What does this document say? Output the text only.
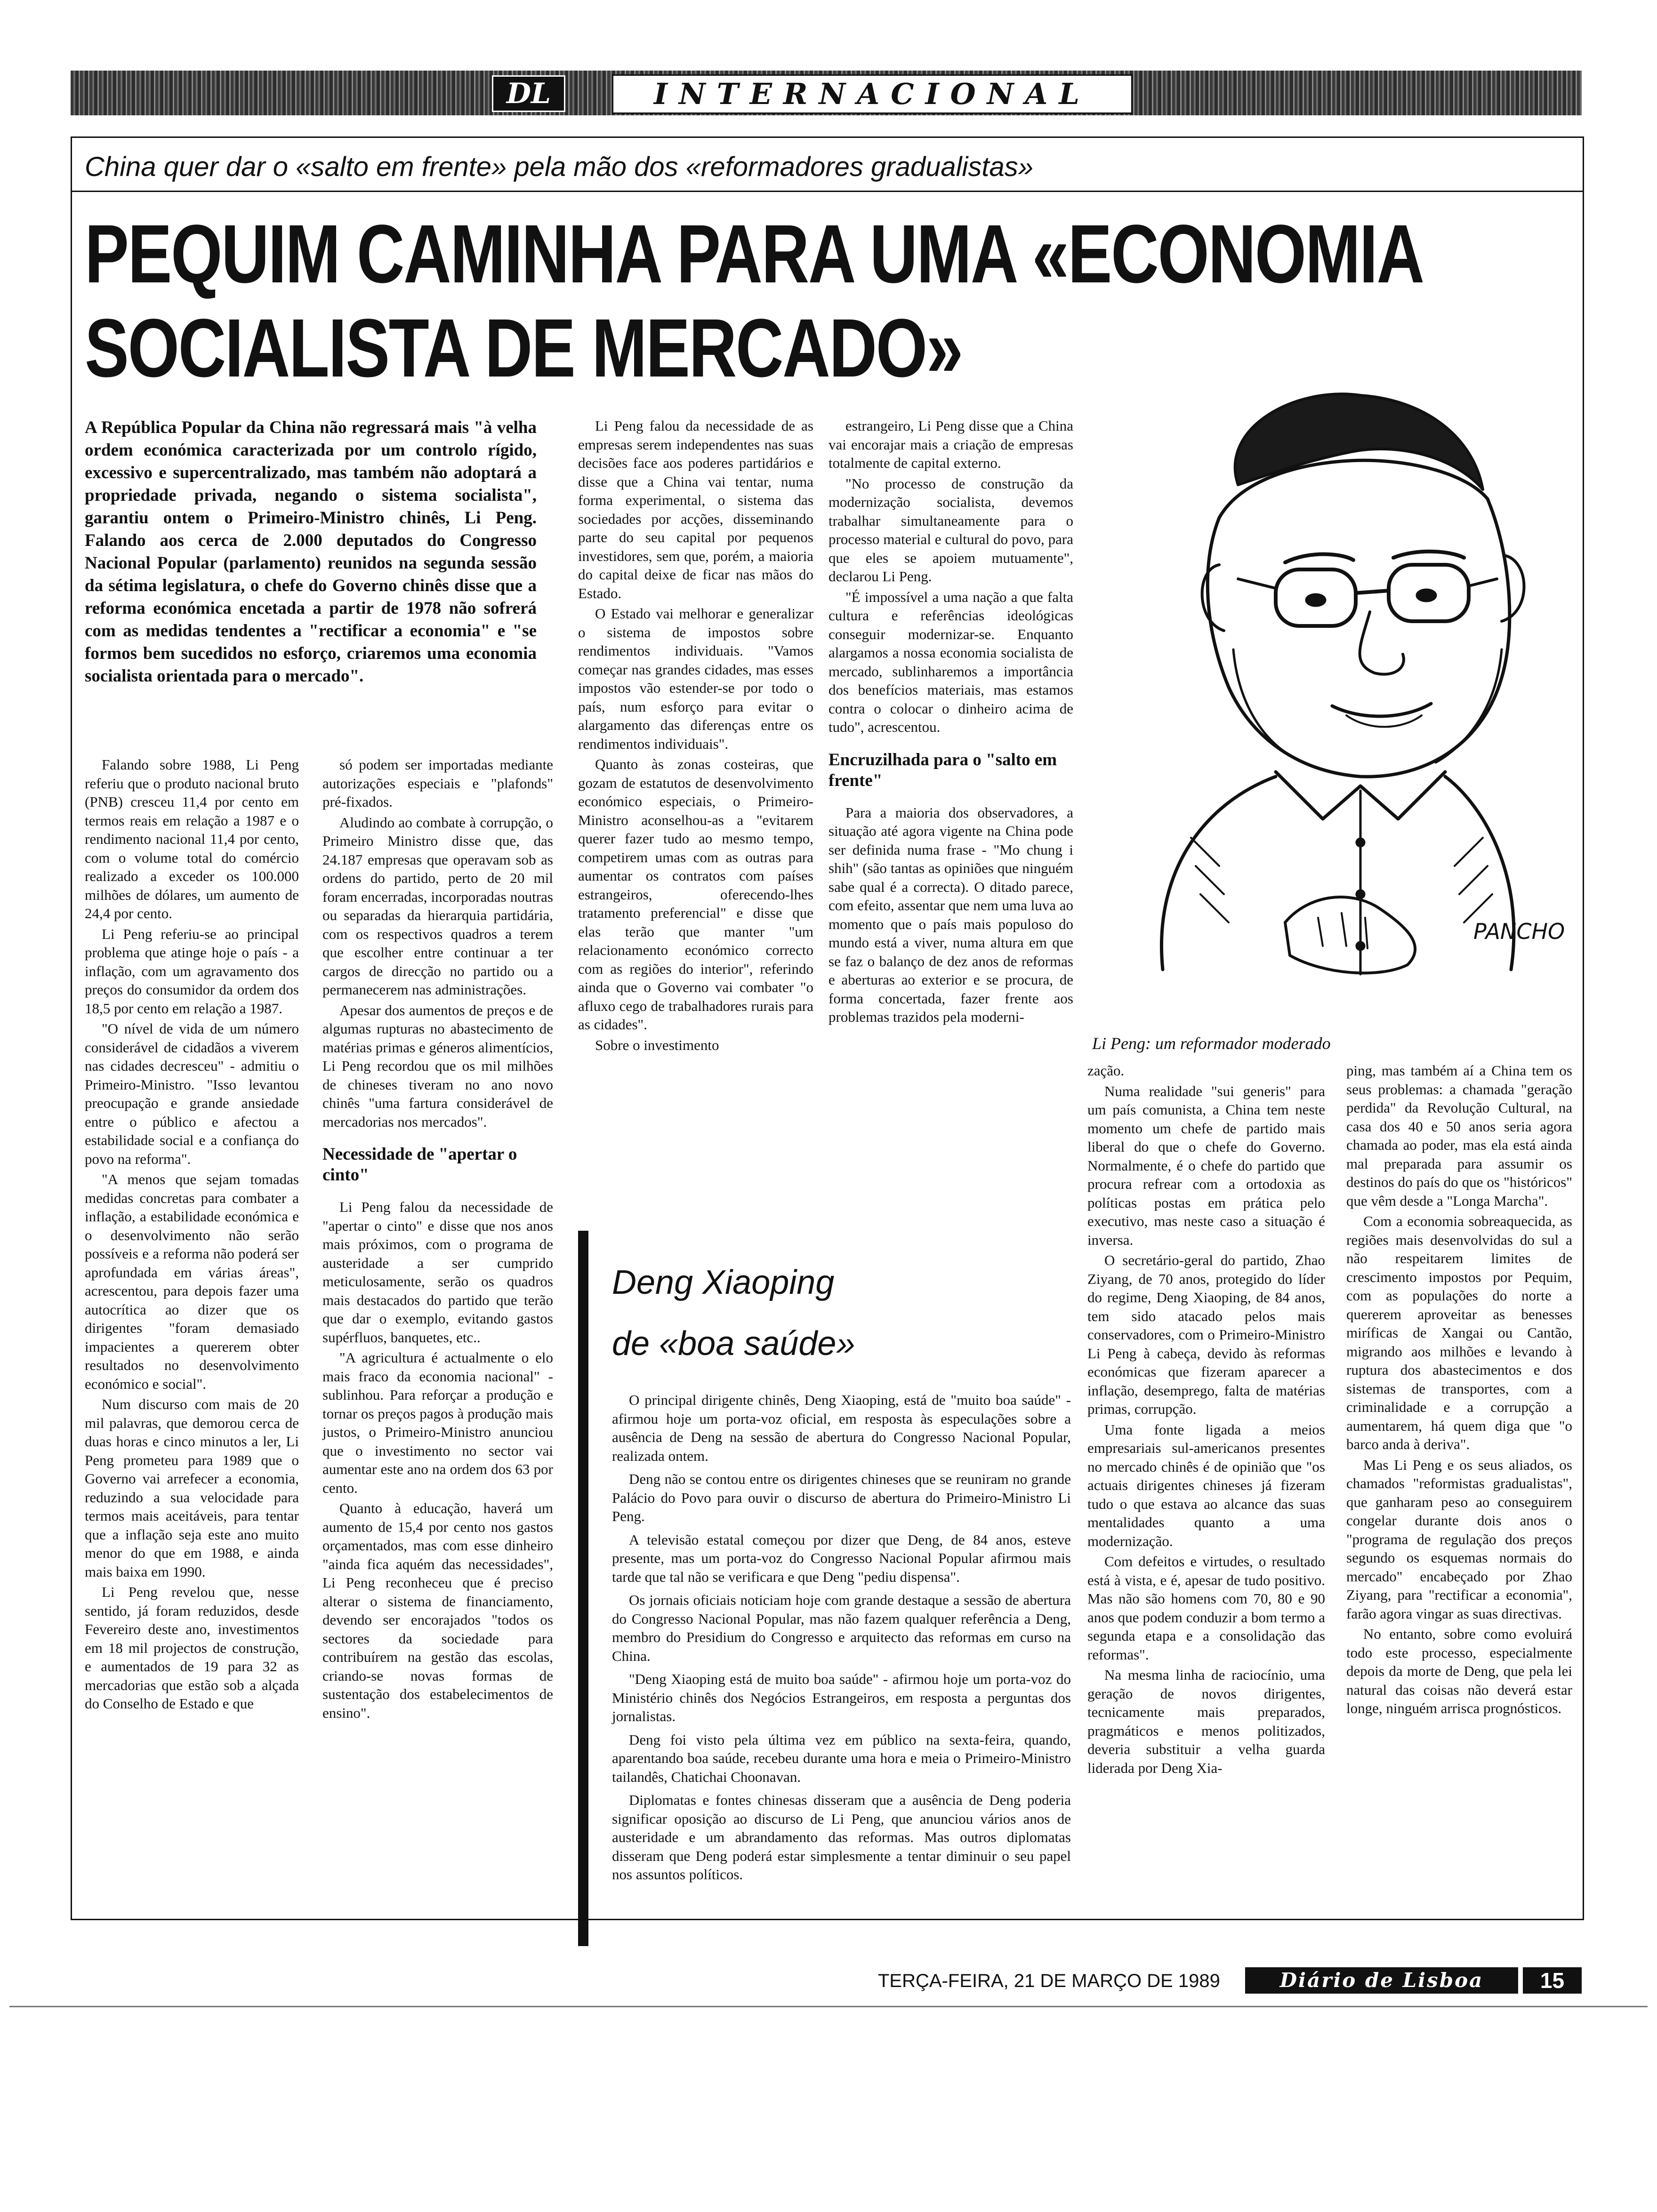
DL	INTERNACIONAL
China quer dar o «salto em frente» pela mão dos «reformadores gradualistas»
PEQUIM CAMINHA PARA UMA «ECONOMIA
SOCIALISTA DE MERCADO»
A República Popular da China não regressará mais "à velha ordem económica caracterizada por um controlo rígido, excessivo e supercentralizado, mas também não adoptará a propriedade privada, negando o sistema socialista", garantiu ontem o Primeiro-Ministro chinês, Li Peng. Falando aos cerca de 2.000 deputados do Congresso Nacional Popular (parlamento) reunidos na segunda sessão da sétima legislatura, o chefe do Governo chinês disse que a reforma económica encetada a partir de 1978 não sofrerá com as medidas tendentes a "rectificar a economia" e "se formos bem sucedidos no esforço, criaremos uma economia socialista orientada para o mercado".

Falando sobre 1988, Li Peng referiu que o produto nacional bruto (PNB) cresceu 11,4 por cento em termos reais em relação a 1987 e o rendimento nacional 11,4 por cento, com o volume total do comércio realizado a exceder os 100.000 milhões de dólares, um aumento de 24,4 por cento.

Li Peng referiu-se ao principal problema que atinge hoje o país - a inflação, com um agravamento dos preços do consumidor da ordem dos 18,5 por cento em relação a 1987.

"O nível de vida de um número considerável de cidadãos a viverem nas cidades decresceu" - admitiu o Primeiro-Ministro. "Isso levantou preocupação e grande ansiedade entre o público e afectou a estabilidade social e a confiança do povo na reforma".

"A menos que sejam tomadas medidas concretas para combater a inflação, a estabilidade económica e o desenvolvimento não serão possíveis e a reforma não poderá ser aprofundada em várias áreas", acrescentou, para depois fazer uma autocrítica ao dizer que os dirigentes "foram demasiado impacientes a quererem obter resultados no desenvolvimento económico e social".

Num discurso com mais de 20 mil palavras, que demorou cerca de duas horas e cinco minutos a ler, Li Peng prometeu para 1989 que o Governo vai arrefecer a economia, reduzindo a sua velocidade para termos mais aceitáveis, para tentar que a inflação seja este ano muito menor do que em 1988, e ainda mais baixa em 1990.

Li Peng revelou que, nesse sentido, já foram reduzidos, desde Fevereiro deste ano, investimentos em 18 mil projectos de construção, e aumentados de 19 para 32 as mercadorias que estão sob a alçada do Conselho de Estado e que

só podem ser importadas mediante autorizações especiais e "plafonds" pré-fixados.

Aludindo ao combate à corrupção, o Primeiro Ministro disse que, das 24.187 empresas que operavam sob as ordens do partido, perto de 20 mil foram encerradas, incorporadas noutras ou separadas da hierarquia partidária, com os respectivos quadros a terem que escolher entre continuar a ter cargos de direcção no partido ou a permanecerem nas administrações.

Apesar dos aumentos de preços e de algumas rupturas no abastecimento de matérias primas e géneros alimentícios, Li Peng recordou que os mil milhões de chineses tiveram no ano novo chinês "uma fartura considerável de mercadorias nos mercados".

Necessidade de "apertar o cinto"

Li Peng falou da necessidade de "apertar o cinto" e disse que nos anos mais próximos, com o programa de austeridade a ser cumprido meticulosamente, serão os quadros mais destacados do partido que terão que dar o exemplo, evitando gastos supérfluos, banquetes, etc..

"A agricultura é actualmente o elo mais fraco da economia nacional" - sublinhou. Para reforçar a produção e tornar os preços pagos à produção mais justos, o Primeiro-Ministro anunciou que o investimento no sector vai aumentar este ano na ordem dos 63 por cento.

Quanto à educação, haverá um aumento de 15,4 por cento nos gastos orçamentados, mas com esse dinheiro "ainda fica aquém das necessidades", Li Peng reconheceu que é preciso alterar o sistema de financiamento, devendo ser encorajados "todos os sectores da sociedade para contribuírem na gestão das escolas, criando-se novas formas de sustentação dos estabelecimentos de ensino".

Li Peng falou da necessidade de as empresas serem independentes nas suas decisões face aos poderes partidários e disse que a China vai tentar, numa forma experimental, o sistema das sociedades por acções, disseminando parte do seu capital por pequenos investidores, sem que, porém, a maioria do capital deixe de ficar nas mãos do Estado.

O Estado vai melhorar e generalizar o sistema de impostos sobre rendimentos individuais. "Vamos começar nas grandes cidades, mas esses impostos vão estender-se por todo o país, num esforço para evitar o alargamento das diferenças entre os rendimentos individuais".

Quanto às zonas costeiras, que gozam de estatutos de desenvolvimento económico especiais, o Primeiro-Ministro aconselhou-as a "evitarem querer fazer tudo ao mesmo tempo, competirem umas com as outras para aumentar os contratos com países estrangeiros, oferecendo-lhes tratamento preferencial" e disse que elas terão que manter "um relacionamento económico correcto com as regiões do interior", referindo ainda que o Governo vai combater "o afluxo cego de trabalhadores rurais para as cidades".

Sobre o investimento

estrangeiro, Li Peng disse que a China vai encorajar mais a criação de empresas totalmente de capital externo.

"No processo de construção da modernização socialista, devemos trabalhar simultaneamente para o processo material e cultural do povo, para que eles se apoiem mutuamente", declarou Li Peng.

"É impossível a uma nação a que falta cultura e referências ideológicas conseguir modernizar-se. Enquanto alargamos a nossa economia socialista de mercado, sublinharemos a importância dos benefícios materiais, mas estamos contra o colocar o dinheiro acima de tudo", acrescentou.

Encruzilhada para o "salto em frente"

Para a maioria dos observadores, a situação até agora vigente na China pode ser definida numa frase - "Mo chung i shih" (são tantas as opiniões que ninguém sabe qual é a correcta). O ditado parece, com efeito, assentar que nem uma luva ao momento que o país mais populoso do mundo está a viver, numa altura em que se faz o balanço de dez anos de reformas e aberturas ao exterior e se procura, de forma concertada, fazer frente aos problemas trazidos pela moderni-

PANCHO
Li Peng: um reformador moderado

zação.

Numa realidade "sui generis" para um país comunista, a China tem neste momento um chefe de partido mais liberal do que o chefe do Governo. Normalmente, é o chefe do partido que procura refrear com a ortodoxia as políticas postas em prática pelo executivo, mas neste caso a situação é inversa.

O secretário-geral do partido, Zhao Ziyang, de 70 anos, protegido do líder do regime, Deng Xiaoping, de 84 anos, tem sido atacado pelos mais conservadores, com o Primeiro-Ministro Li Peng à cabeça, devido às reformas económicas que fizeram aparecer a inflação, desemprego, falta de matérias primas, corrupção.

Uma fonte ligada a meios empresariais sul-americanos presentes no mercado chinês é de opinião que "os actuais dirigentes chineses já fizeram tudo o que estava ao alcance das suas mentalidades quanto a uma modernização.

Com defeitos e virtudes, o resultado está à vista, e é, apesar de tudo positivo. Mas não são homens com 70, 80 e 90 anos que podem conduzir a bom termo a segunda etapa e a consolidação das reformas".

Na mesma linha de raciocínio, uma geração de novos dirigentes, tecnicamente mais preparados, pragmáticos e menos politizados, deveria substituir a velha guarda liderada por Deng Xia-

ping, mas também aí a China tem os seus problemas: a chamada "geração perdida" da Revolução Cultural, na casa dos 40 e 50 anos seria agora chamada ao poder, mas ela está ainda mal preparada para assumir os destinos do país do que os "históricos" que vêm desde a "Longa Marcha".

Com a economia sobreaquecida, as regiões mais desenvolvidas do sul a não respeitarem limites de crescimento impostos por Pequim, com as populações do norte a quererem aproveitar as benesses miríficas de Xangai ou Cantão, migrando aos milhões e levando à ruptura dos abastecimentos e dos sistemas de transportes, com a criminalidade e a corrupção a aumentarem, há quem diga que "o barco anda à deriva".

Mas Li Peng e os seus aliados, os chamados "reformistas gradualistas", que ganharam peso ao conseguirem congelar durante dois anos o "programa de regulação dos preços segundo os esquemas normais do mercado" encabeçado por Zhao Ziyang, para "rectificar a economia", farão agora vingar as suas directivas.

No entanto, sobre como evoluirá todo este processo, especialmente depois da morte de Deng, que pela lei natural das coisas não deverá estar longe, ninguém arrisca prognósticos.

Deng Xiaoping
de «boa saúde»

O principal dirigente chinês, Deng Xiaoping, está de "muito boa saúde" - afirmou hoje um porta-voz oficial, em resposta às especulações sobre a ausência de Deng na sessão de abertura do Congresso Nacional Popular, realizada ontem.

Deng não se contou entre os dirigentes chineses que se reuniram no grande Palácio do Povo para ouvir o discurso de abertura do Primeiro-Ministro Li Peng.

A televisão estatal começou por dizer que Deng, de 84 anos, esteve presente, mas um porta-voz do Congresso Nacional Popular afirmou mais tarde que tal não se verificara e que Deng "pediu dispensa".

Os jornais oficiais noticiam hoje com grande destaque a sessão de abertura do Congresso Nacional Popular, mas não fazem qualquer referência a Deng, membro do Presidium do Congresso e arquitecto das reformas em curso na China.

"Deng Xiaoping está de muito boa saúde" - afirmou hoje um porta-voz do Ministério chinês dos Negócios Estrangeiros, em resposta a perguntas dos jornalistas.

Deng foi visto pela última vez em público na sexta-feira, quando, aparentando boa saúde, recebeu durante uma hora e meia o Primeiro-Ministro tailandês, Chatichai Choonavan.

Diplomatas e fontes chinesas disseram que a ausência de Deng poderia significar oposição ao discurso de Li Peng, que anunciou vários anos de austeridade e um abrandamento das reformas. Mas outros diplomatas disseram que Deng poderá estar simplesmente a tentar diminuir o seu papel nos assuntos políticos.

TERÇA-FEIRA, 21 DE MARÇO DE 1989	Diário de Lisboa	15
